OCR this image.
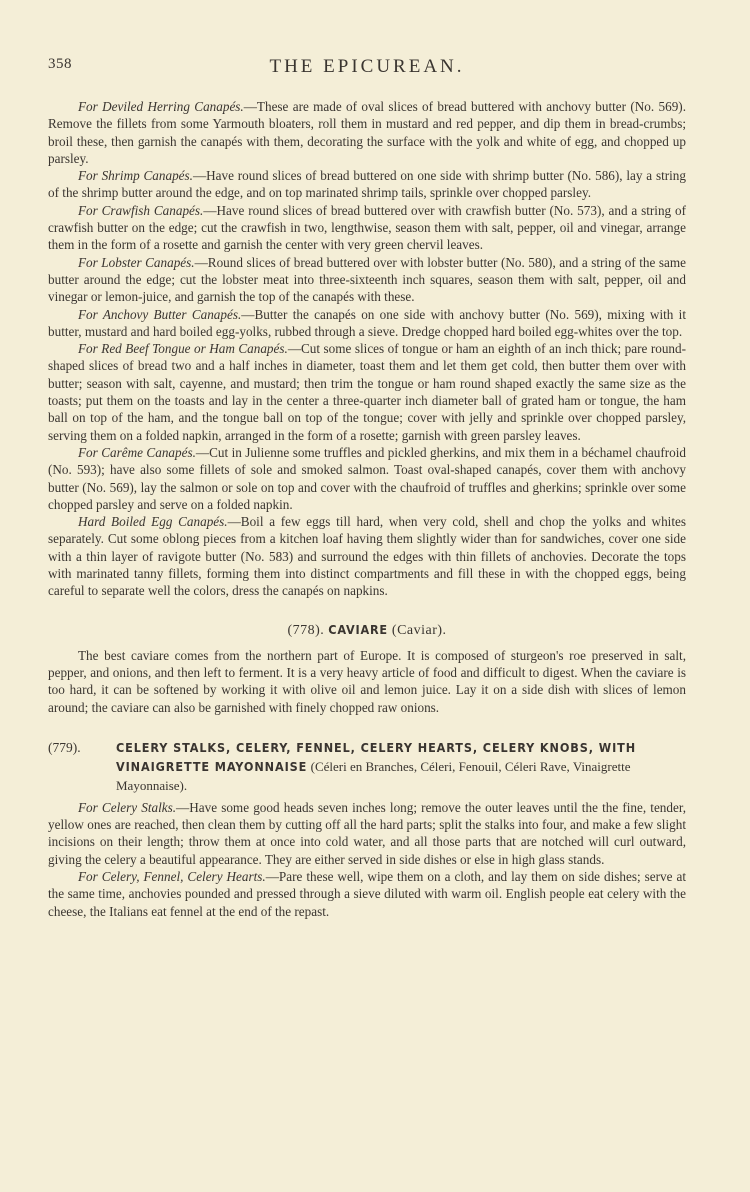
358	THE EPICUREAN.

For Deviled Herring Canapés.—These are made of oval slices of bread buttered with anchovy butter (No. 569). Remove the fillets from some Yarmouth bloaters, roll them in mustard and red pepper, and dip them in bread-crumbs; broil these, then garnish the canapés with them, decorating the surface with the yolk and white of egg, and chopped up parsley.

For Shrimp Canapés.—Have round slices of bread buttered on one side with shrimp butter (No. 586), lay a string of the shrimp butter around the edge, and on top marinated shrimp tails, sprinkle over chopped parsley.

For Crawfish Canapés.—Have round slices of bread buttered over with crawfish butter (No. 573), and a string of crawfish butter on the edge; cut the crawfish in two, lengthwise, season them with salt, pepper, oil and vinegar, arrange them in the form of a rosette and garnish the center with very green chervil leaves.

For Lobster Canapés.—Round slices of bread buttered over with lobster butter (No. 580), and a string of the same butter around the edge; cut the lobster meat into three-sixteenth inch squares, season them with salt, pepper, oil and vinegar or lemon-juice, and garnish the top of the canapés with these.

For Anchovy Butter Canapés.—Butter the canapés on one side with anchovy butter (No. 569), mixing with it butter, mustard and hard boiled egg-yolks, rubbed through a sieve. Dredge chopped hard boiled egg-whites over the top.

For Red Beef Tongue or Ham Canapés.—Cut some slices of tongue or ham an eighth of an inch thick; pare round-shaped slices of bread two and a half inches in diameter, toast them and let them get cold, then butter them over with butter; season with salt, cayenne, and mustard; then trim the tongue or ham round shaped exactly the same size as the toasts; put them on the toasts and lay in the center a three-quarter inch diameter ball of grated ham or tongue, the ham ball on top of the ham, and the tongue ball on top of the tongue; cover with jelly and sprinkle over chopped parsley, serving them on a folded napkin, arranged in the form of a rosette; garnish with green parsley leaves.

For Carême Canapés.—Cut in Julienne some truffles and pickled gherkins, and mix them in a béchamel chaufroid (No. 593); have also some fillets of sole and smoked salmon. Toast oval-shaped canapés, cover them with anchovy butter (No. 569), lay the salmon or sole on top and cover with the chaufroid of truffles and gherkins; sprinkle over some chopped parsley and serve on a folded napkin.

Hard Boiled Egg Canapés.—Boil a few eggs till hard, when very cold, shell and chop the yolks and whites separately. Cut some oblong pieces from a kitchen loaf having them slightly wider than for sandwiches, cover one side with a thin layer of ravigote butter (No. 583) and surround the edges with thin fillets of anchovies. Decorate the tops with marinated tanny fillets, forming them into distinct compartments and fill these in with the chopped eggs, being careful to separate well the colors, dress the canapés on napkins.

(778). CAVIARE (Caviar).

The best caviare comes from the northern part of Europe. It is composed of sturgeon's roe preserved in salt, pepper, and onions, and then left to ferment. It is a very heavy article of food and difficult to digest. When the caviare is too hard, it can be softened by working it with olive oil and lemon juice. Lay it on a side dish with slices of lemon around; the caviare can also be garnished with finely chopped raw onions.

(779).	CELERY STALKS, CELERY, FENNEL, CELERY HEARTS, CELERY KNOBS, WITH
VINAIGRETTE MAYONNAISE (Céleri en Branches, Céleri, Fenouil, Céleri Rave, Vinaigrette Mayonnaise).

For Celery Stalks.—Have some good heads seven inches long; remove the outer leaves until the the fine, tender, yellow ones are reached, then clean them by cutting off all the hard parts; split the stalks into four, and make a few slight incisions on their length; throw them at once into cold water, and all those parts that are notched will curl outward, giving the celery a beautiful appearance. They are either served in side dishes or else in high glass stands.

For Celery, Fennel, Celery Hearts.—Pare these well, wipe them on a cloth, and lay them on side dishes; serve at the same time, anchovies pounded and pressed through a sieve diluted with warm oil. English people eat celery with the cheese, the Italians eat fennel at the end of the repast.
